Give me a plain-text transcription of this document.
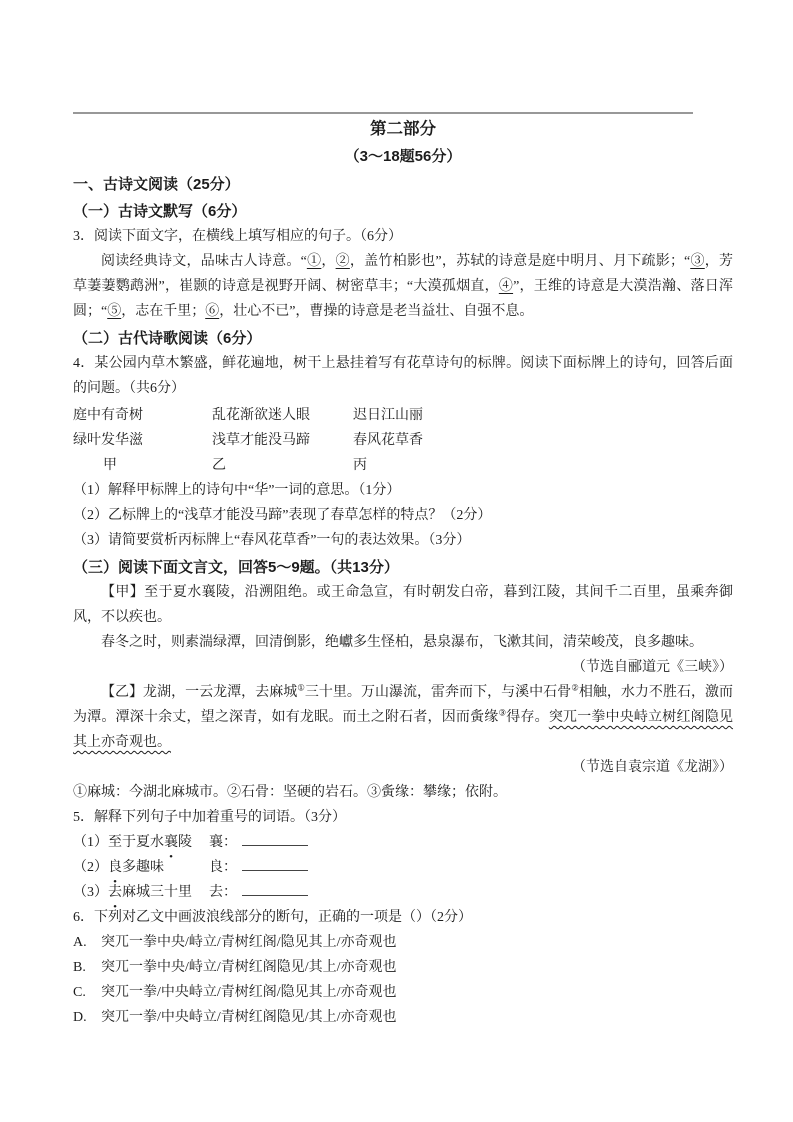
第二部分
（3～18题56分）
一、古诗文阅读（25分）
（一）古诗文默写（6分）
3．阅读下面文字，在横线上填写相应的句子。（6分）
阅读经典诗文，品味古人诗意。“①，②，盖竹柏影也”，苏轼的诗意是庭中明月、月下疏影；“③，芳草萋萋鹦鹉洲”，崔颢的诗意是视野开阔、树密草丰；“大漠孤烟直，④”，王维的诗意是大漠浩瀚、落日浑圆；“⑤，志在千里；⑥，壮心不已”，曹操的诗意是老当益壮、自强不息。
（二）古代诗歌阅读（6分）
4．某公园内草木繁盛，鲜花遍地，树干上悬挂着写有花草诗句的标牌。阅读下面标牌上的诗句，回答后面的问题。（共6分）
庭中有奇树	乱花渐欲迷人眼	迟日江山丽
绿叶发华滋	浅草才能没马蹄	春风花草香
甲	乙	丙
（1）解释甲标牌上的诗句中“华”一词的意思。（1分）
（2）乙标牌上的“浅草才能没马蹄”表现了春草怎样的特点？（2分）
（3）请简要赏析丙标牌上“春风花草香”一句的表达效果。（3分）
（三）阅读下面文言文，回答5～9题。（共13分）
【甲】至于夏水襄陵，沿溯阻绝。或王命急宣，有时朝发白帝，暮到江陵，其间千二百里，虽乘奔御风，不以疾也。
春冬之时，则素湍绿潭，回清倒影，绝巘多生怪柏，悬泉瀑布，飞漱其间，清荣峻茂，良多趣味。
（节选自郦道元《三峡》）
【乙】龙湖，一云龙潭，去麻城①三十里。万山瀑流，雷奔而下，与溪中石骨②相触，水力不胜石，激而为潭。潭深十余丈，望之深青，如有龙眠。而土之附石者，因而夤缘③得存。突兀一拳中央峙立树红阁隐见其上亦奇观也。
（节选自袁宗道《龙湖》）
①麻城：今湖北麻城市。②石骨：坚硬的岩石。③夤缘：攀缘；依附。
5．解释下列句子中加着重号的词语。（3分）
（1）至于夏水襄陵	襄：
（2）良多趣味	良：
（3）去麻城三十里	去：
6．下列对乙文中画波浪线部分的断句，正确的一项是（）（2分）
A.	突兀一拳中央/峙立/青树红阁/隐见其上/亦奇观也
B.	突兀一拳中央/峙立/青树红阁隐见/其上/亦奇观也
C.	突兀一拳/中央峙立/青树红阁/隐见其上/亦奇观也
D.	突兀一拳/中央峙立/青树红阁隐见/其上/亦奇观也
